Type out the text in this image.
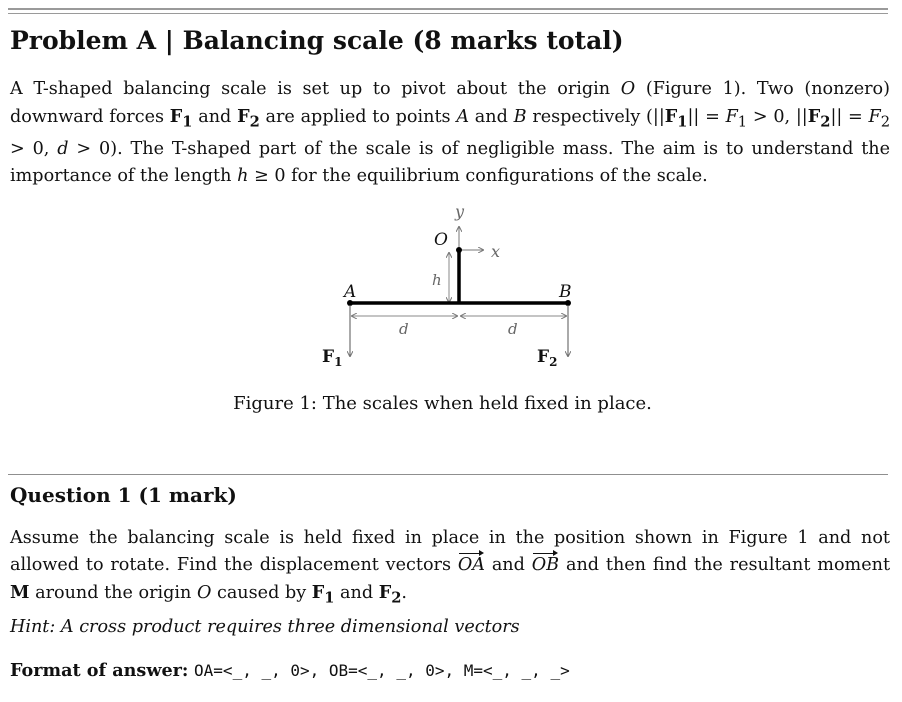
Problem A | Balancing scale (8 marks total)
A T-shaped balancing scale is set up to pivot about the origin O (Figure 1). Two (nonzero) downward forces $F_1$ and $F_2$ are applied to points A and B respectively ($||F_1|| = F_1 > 0$, $||F_2|| = F_2 > 0$, d > 0). The T-shaped part of the scale is of negligible mass. The aim is to understand the importance of the length h ≥ 0 for the equilibrium configurations of the scale.
y
x
O
h
A	B
d	d
$F_1$	$F_2$
Figure 1: The scales when held fixed in place.
Question 1 (1 mark)
Assume the balancing scale is held fixed in place in the position shown in Figure 1 and not allowed to rotate. Find the displacement vectors OA and OB and then find the resultant moment M around the origin O caused by $F_1$ and $F_2$.
Hint: A cross product requires three dimensional vectors
Format of answer: OA=<_, _, 0>, OB=<_, _, 0>, M=<_, _, _>
